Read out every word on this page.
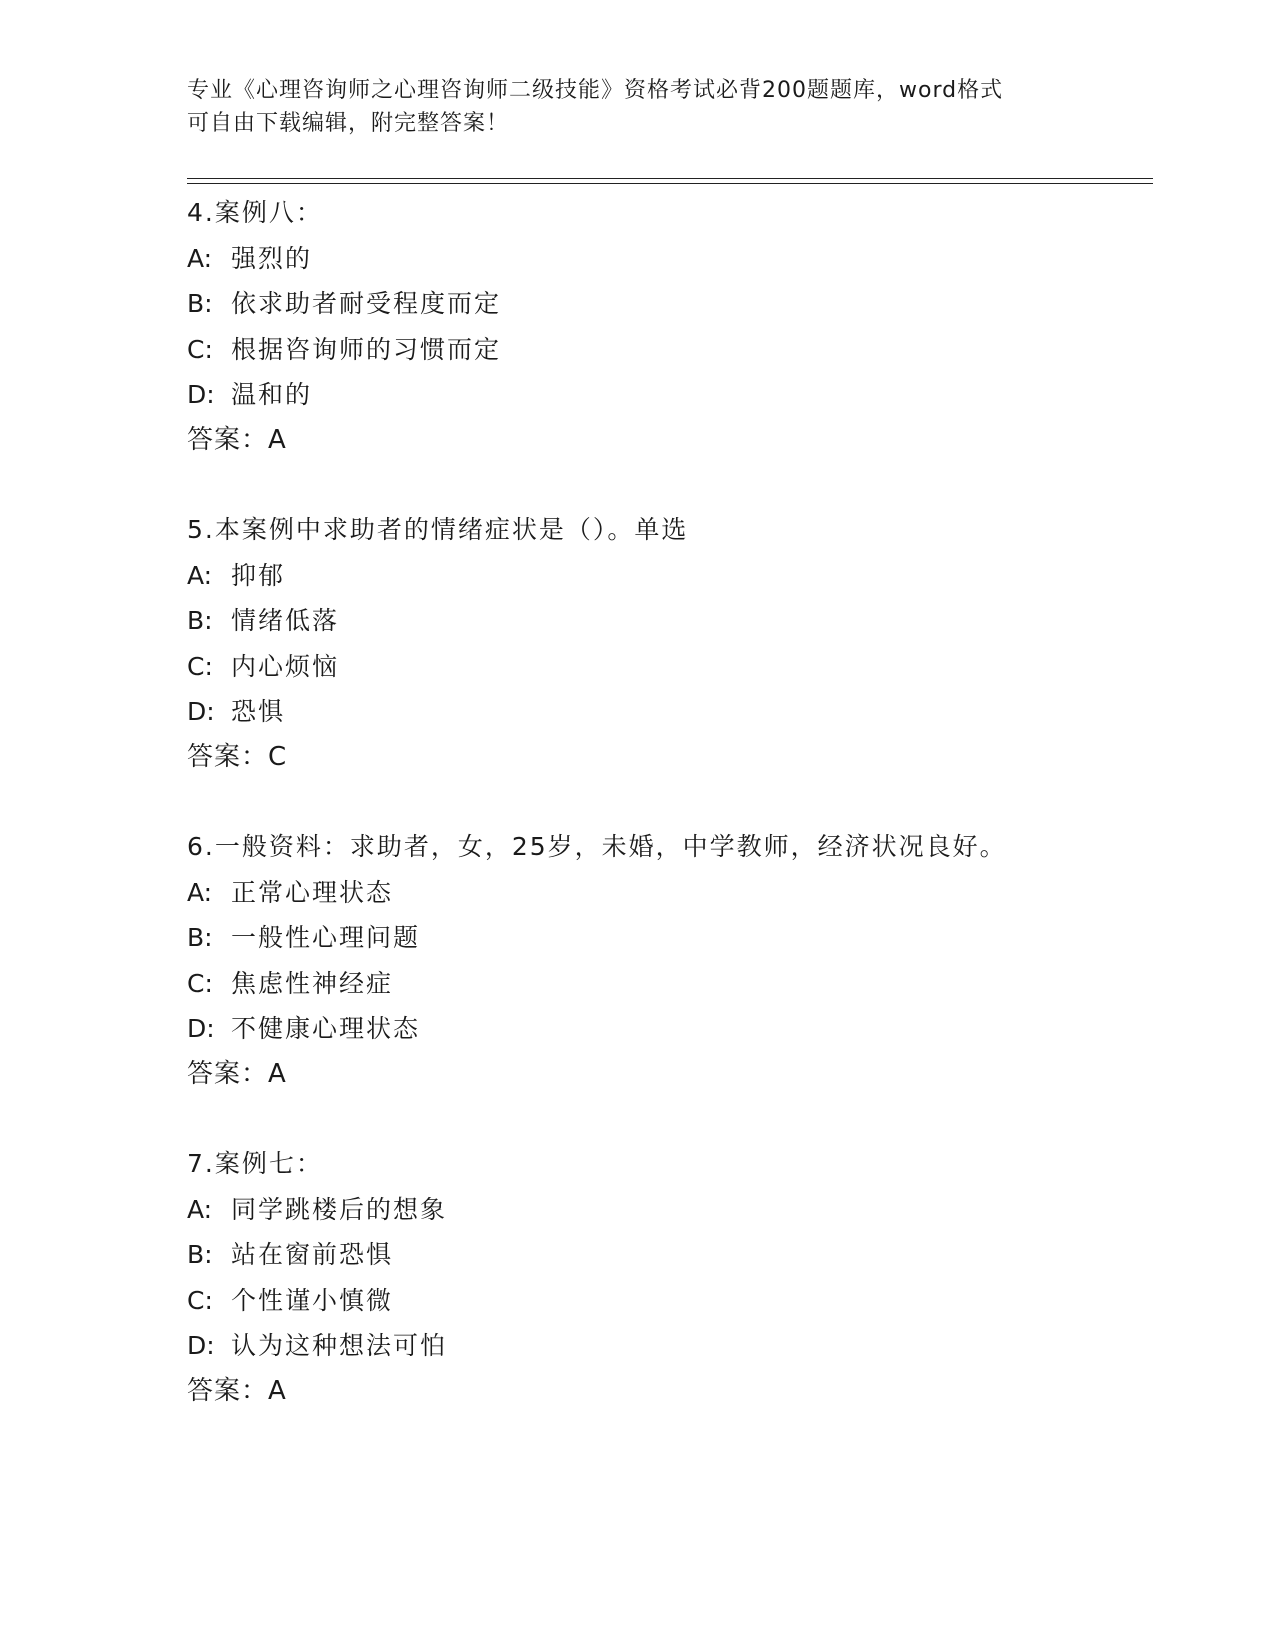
专业《心理咨询师之心理咨询师二级技能》资格考试必背200题题库，word格式
可自由下载编辑，附完整答案！
4.案例八：
A: 强烈的
B: 依求助者耐受程度而定
C: 根据咨询师的习惯而定
D: 温和的
答案：A
5.本案例中求助者的情绪症状是（）。单选
A: 抑郁
B: 情绪低落
C: 内心烦恼
D: 恐惧
答案：C
6.一般资料：求助者，女，25岁，未婚，中学教师，经济状况良好。
A: 正常心理状态
B: 一般性心理问题
C: 焦虑性神经症
D: 不健康心理状态
答案：A
7.案例七：
A: 同学跳楼后的想象
B: 站在窗前恐惧
C: 个性谨小慎微
D: 认为这种想法可怕
答案：A
